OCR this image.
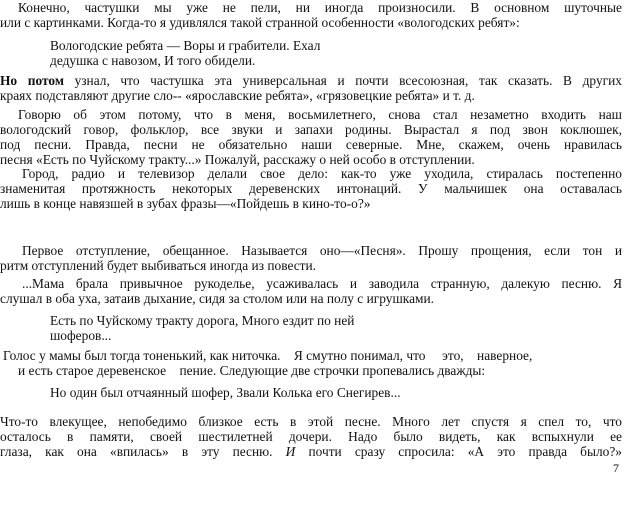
Конечно, частушки мы уже не пели, ни иногда произносили. В основном шуточные
или с картинками. Когда-то я удивлялся такой странной особенности «вологодских ребят»:
Вологодские ребята — Воры и грабители. Ехал
дедушка с навозом, И того обидели.
Но потом узнал, что частушка эта универсальная и почти всесоюзная, так сказать. В других
краях подставляют другие сло-- «ярославские ребята», «грязовецкие ребята» и т. д.
Говорю об этом потому, что в меня, восьмилетнего, снова стал незаметно входить наш
вологодский говор, фольклор, все звуки и запахи родины. Вырастал я под звон коклюшек,
под песни. Правда, песни не обязательно наши северные. Мне, скажем, очень нравилась
песня «Есть по Чуйскому тракту...» Пожалуй, расскажу о ней особо в отступлении.
Город, радио и телевизор делали свое дело: как-то уже уходила, стиралась постепенно
знаменитая протяжность некоторых деревенских интонаций. У мальчишек она оставалась
лишь в конце навязшей в зубах фразы—«Пойдешь в кино-то-о?»
Первое отступление, обещанное. Называется оно—«Песня». Прошу прощения, если тон и
ритм отступлений будет выбиваться иногда из повести.
...Мама брала привычное рукоделье, усаживалась и заводила странную, далекую песню. Я
слушал в оба уха, затаив дыхание, сидя за столом или на полу с игрушками.
Есть по Чуйскому тракту дорога, Много ездит по ней
шоферов...
Голос у мамы был тогда тоненький, как ниточка.    Я смутно понимал, что     это,    наверное,
и есть старое деревенское    пение. Следующие две строчки пропевались дважды:
Но один был отчаянный шофер, Звали Колька его Снегирев...
Что-то влекущее, непобедимо близкое есть в этой песне. Много лет спустя я спел то, что
осталось в памяти, своей шестилетней дочери. Надо было видеть, как вспыхнули ее
глаза, как она «впилась» в эту песню. И почти сразу спросила: «А это правда было?»
7
